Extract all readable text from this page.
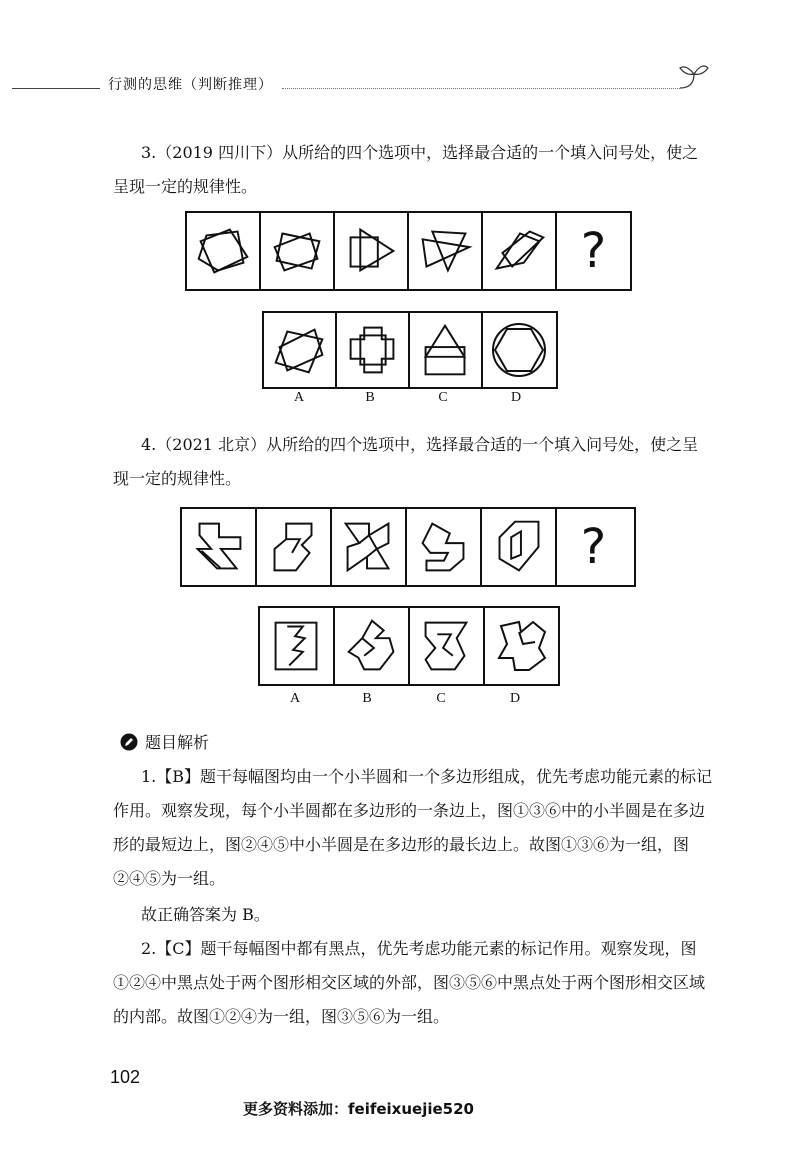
行测的思维（判断推理）

3.（2019 四川下）从所给的四个选项中，选择最合适的一个填入问号处，使之呈现一定的规律性。

?
A	B	C	D

4.（2021 北京）从所给的四个选项中，选择最合适的一个填入问号处，使之呈现一定的规律性。

?
A	B	C	D
题目解析

1.【B】题干每幅图均由一个小半圆和一个多边形组成，优先考虑功能元素的标记作用。观察发现，每个小半圆都在多边形的一条边上，图①③⑥中的小半圆是在多边形的最短边上，图②④⑤中小半圆是在多边形的最长边上。故图①③⑥为一组，图②④⑤为一组。

故正确答案为 B。

2.【C】题干每幅图中都有黑点，优先考虑功能元素的标记作用。观察发现，图①②④中黑点处于两个图形相交区域的外部，图③⑤⑥中黑点处于两个图形相交区域的内部。故图①②④为一组，图③⑤⑥为一组。

102
更多资料添加：feifeixuejie520
